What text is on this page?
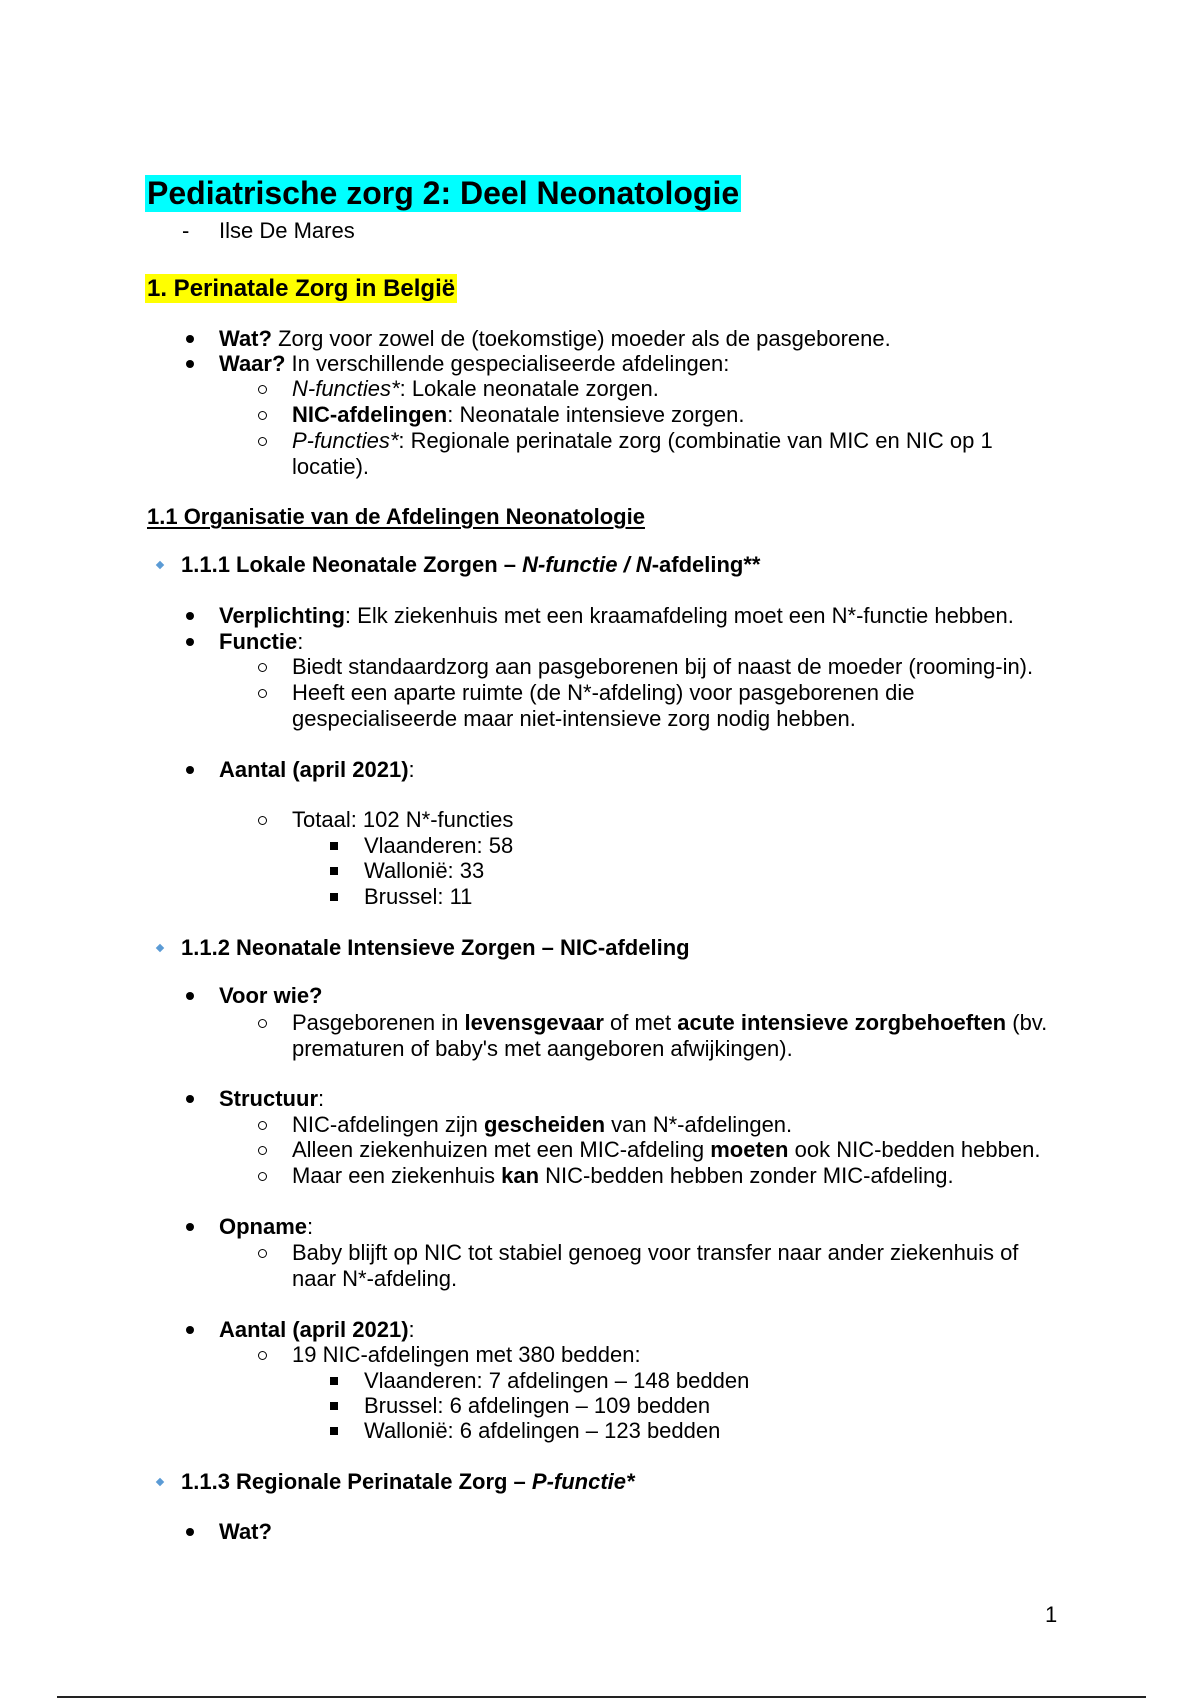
Pediatrische zorg 2: Deel Neonatologie
- Ilse De Mares
1. Perinatale Zorg in België
Wat? Zorg voor zowel de (toekomstige) moeder als de pasgeborene.
Waar? In verschillende gespecialiseerde afdelingen:
N-functies*: Lokale neonatale zorgen.
NIC-afdelingen: Neonatale intensieve zorgen.
P-functies*: Regionale perinatale zorg (combinatie van MIC en NIC op 1
locatie).
1.1 Organisatie van de Afdelingen Neonatologie
1.1.1 Lokale Neonatale Zorgen – N-functie / N-afdeling**
Verplichting: Elk ziekenhuis met een kraamafdeling moet een N*-functie hebben.
Functie:
Biedt standaardzorg aan pasgeborenen bij of naast de moeder (rooming-in).
Heeft een aparte ruimte (de N*-afdeling) voor pasgeborenen die
gespecialiseerde maar niet-intensieve zorg nodig hebben.
Aantal (april 2021):
Totaal: 102 N*-functies
Vlaanderen: 58
Wallonië: 33
Brussel: 11
1.1.2 Neonatale Intensieve Zorgen – NIC-afdeling
Voor wie?
Pasgeborenen in levensgevaar of met acute intensieve zorgbehoeften (bv.
prematuren of baby's met aangeboren afwijkingen).
Structuur:
NIC-afdelingen zijn gescheiden van N*-afdelingen.
Alleen ziekenhuizen met een MIC-afdeling moeten ook NIC-bedden hebben.
Maar een ziekenhuis kan NIC-bedden hebben zonder MIC-afdeling.
Opname:
Baby blijft op NIC tot stabiel genoeg voor transfer naar ander ziekenhuis of
naar N*-afdeling.
Aantal (april 2021):
19 NIC-afdelingen met 380 bedden:
Vlaanderen: 7 afdelingen – 148 bedden
Brussel: 6 afdelingen – 109 bedden
Wallonië: 6 afdelingen – 123 bedden
1.1.3 Regionale Perinatale Zorg – P-functie*
Wat?
1
